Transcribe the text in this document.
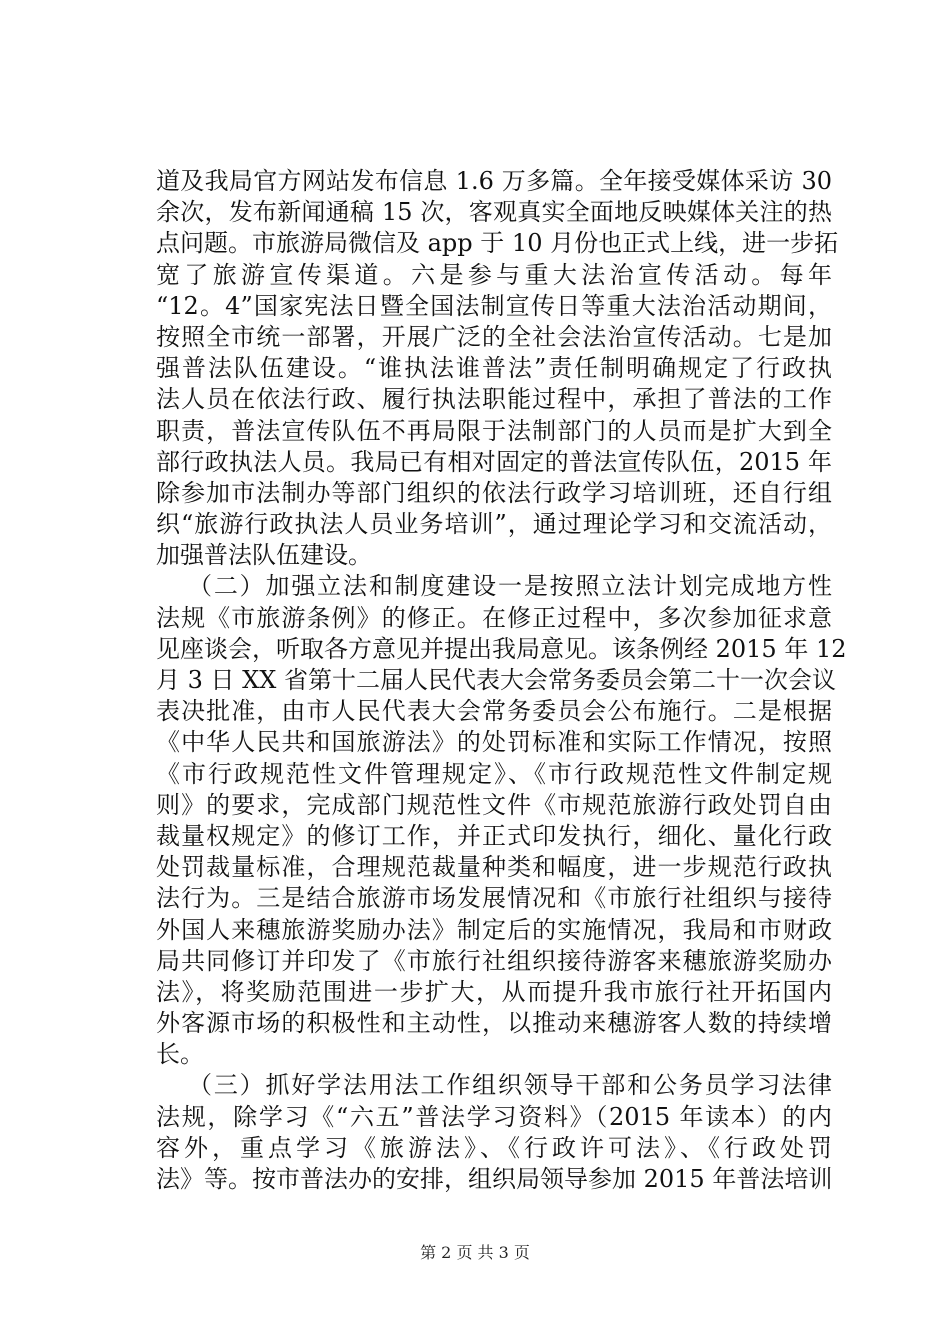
道及我局官方网站发布信息 1.6 万多篇。全年接受媒体采访 30
余次，发布新闻通稿 15 次，客观真实全面地反映媒体关注的热
点问题。市旅游局微信及 app 于 10 月份也正式上线，进一步拓
宽了旅游宣传渠道。六是参与重大法治宣传活动。每年
“12。4”国家宪法日暨全国法制宣传日等重大法治活动期间，
按照全市统一部署，开展广泛的全社会法治宣传活动。七是加
强普法队伍建设。“谁执法谁普法”责任制明确规定了行政执
法人员在依法行政、履行执法职能过程中，承担了普法的工作
职责，普法宣传队伍不再局限于法制部门的人员而是扩大到全
部行政执法人员。我局已有相对固定的普法宣传队伍，2015 年
除参加市法制办等部门组织的依法行政学习培训班，还自行组
织“旅游行政执法人员业务培训”，通过理论学习和交流活动，
加强普法队伍建设。
（二）加强立法和制度建设一是按照立法计划完成地方性
法规《市旅游条例》的修正。在修正过程中，多次参加征求意
见座谈会，听取各方意见并提出我局意见。该条例经 2015 年 12
月 3 日 XX 省第十二届人民代表大会常务委员会第二十一次会议
表决批准，由市人民代表大会常务委员会公布施行。二是根据
《中华人民共和国旅游法》的处罚标准和实际工作情况，按照
《市行政规范性文件管理规定》、《市行政规范性文件制定规
则》的要求，完成部门规范性文件《市规范旅游行政处罚自由
裁量权规定》的修订工作，并正式印发执行，细化、量化行政
处罚裁量标准，合理规范裁量种类和幅度，进一步规范行政执
法行为。三是结合旅游市场发展情况和《市旅行社组织与接待
外国人来穗旅游奖励办法》制定后的实施情况，我局和市财政
局共同修订并印发了《市旅行社组织接待游客来穗旅游奖励办
法》，将奖励范围进一步扩大，从而提升我市旅行社开拓国内
外客源市场的积极性和主动性，以推动来穗游客人数的持续增
长。
（三）抓好学法用法工作组织领导干部和公务员学习法律
法规，除学习《“六五”普法学习资料》（2015 年读本）的内
容外，重点学习《旅游法》、《行政许可法》、《行政处罚
法》等。按市普法办的安排，组织局领导参加 2015 年普法培训
第 2 页 共 3 页
